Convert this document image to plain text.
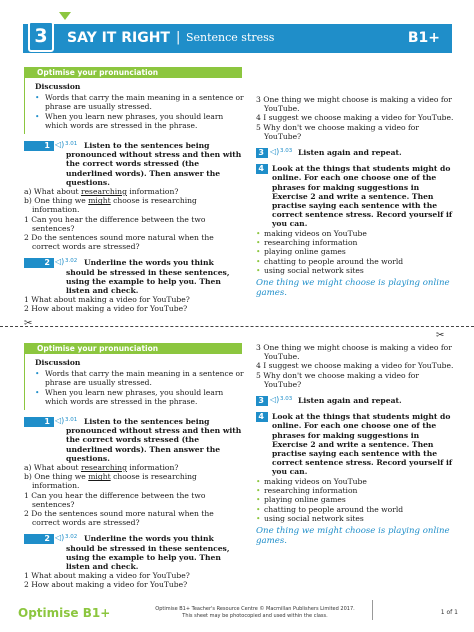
3	SAY IT RIGHT | Sentence stress	B1+
Optimise your pronunciation
Discussion
• Words that carry the main meaning in a sentence or phrase are usually stressed.
• When you learn new phrases, you should learn which words are stressed in the phrase.
1 ◁) 3.01 Listen to the sentences being pronounced without stress and then with the correct words stressed (the underlined words). Then answer the questions.
a) What about researching information?
b) One thing we might choose is researching information.
1 Can you hear the difference between the two sentences?
2 Do the sentences sound more natural when the correct words are stressed?
2 ◁) 3.02 Underline the words you think should be stressed in these sentences, using the example to help you. Then listen and check.
1 What about making a video for YouTube?
2 How about making a video for YouTube?
3 One thing we might choose is making a video for YouTube.
4 I suggest we choose making a video for YouTube.
5 Why don't we choose making a video for YouTube?
3 ◁) 3.03 Listen again and repeat.
4	Look at the things that students might do online. For each one choose one of the phrases for making suggestions in Exercise 2 and write a sentence. Then practise saying each sentence with the correct sentence stress. Record yourself if you can.
• making videos on YouTube
• researching information
• playing online games
• chatting to people around the world
• using social network sites
One thing we might choose is playing online games.
✂
✂
Optimise your pronunciation
Discussion
• Words that carry the main meaning in a sentence or phrase are usually stressed.
• When you learn new phrases, you should learn which words are stressed in the phrase.
1 ◁) 3.01 Listen to the sentences being pronounced without stress and then with the correct words stressed (the underlined words). Then answer the questions.
a) What about researching information?
b) One thing we might choose is researching information.
1 Can you hear the difference between the two sentences?
2 Do the sentences sound more natural when the correct words are stressed?
2 ◁) 3.02 Underline the words you think should be stressed in these sentences, using the example to help you. Then listen and check.
1 What about making a video for YouTube?
2 How about making a video for YouTube?
3 One thing we might choose is making a video for YouTube.
4 I suggest we choose making a video for YouTube.
5 Why don't we choose making a video for YouTube?
3 ◁) 3.03 Listen again and repeat.
4	Look at the things that students might do online. For each one choose one of the phrases for making suggestions in Exercise 2 and write a sentence. Then practise saying each sentence with the correct sentence stress. Record yourself if you can.
• making videos on YouTube
• researching information
• playing online games
• chatting to people around the world
• using social network sites
One thing we might choose is playing online games.
Optimise B1+	Optimise B1+ Teacher's Resource Centre © Macmillan Publishers Limited 2017.
This sheet may be photocopied and used within the class.	1 of 1
